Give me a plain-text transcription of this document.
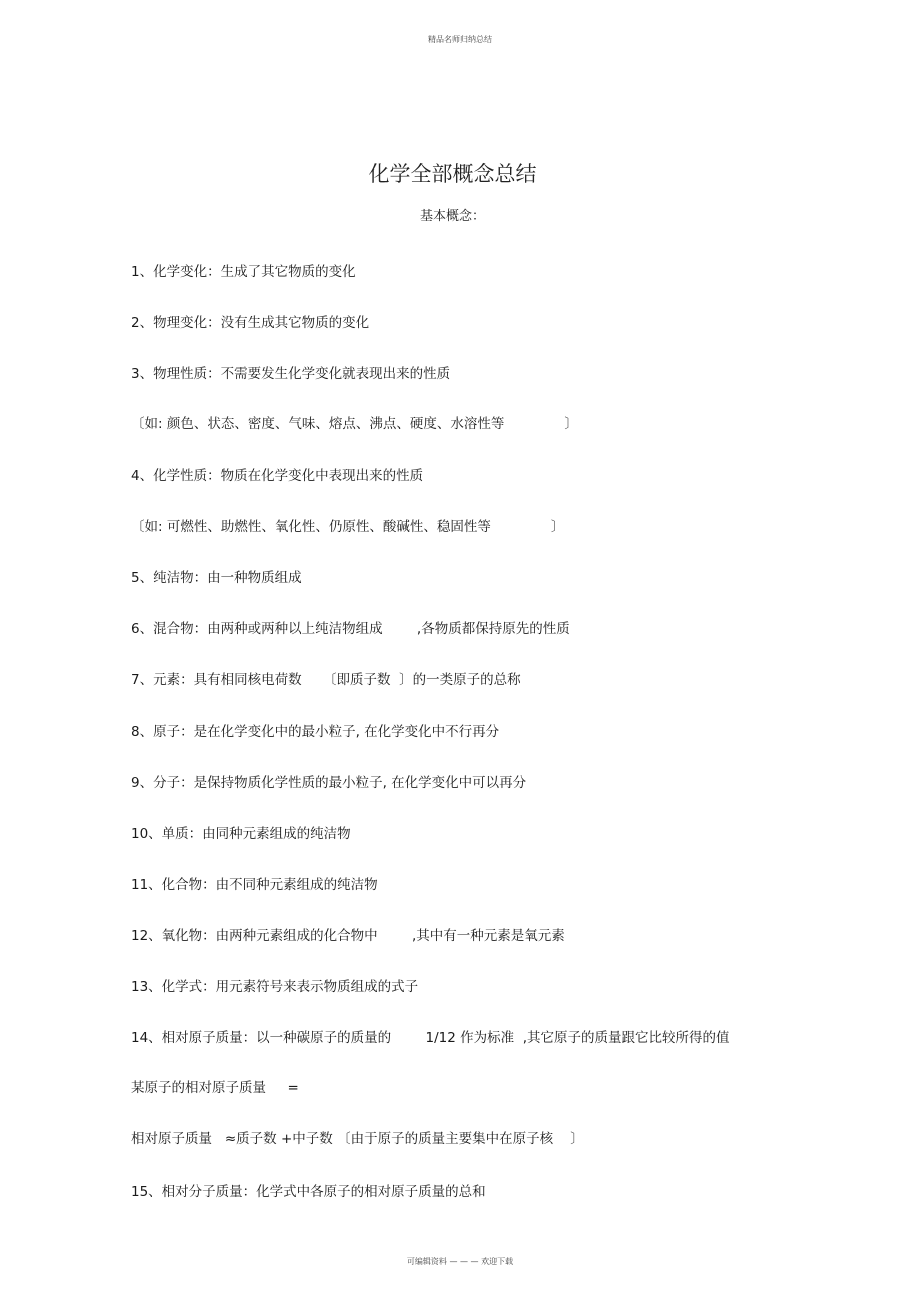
精品名师归纳总结
化学全部概念总结
基本概念：
1、化学变化：生成了其它物质的变化
2、物理变化：没有生成其它物质的变化
3、物理性质：不需要发生化学变化就表现出来的性质
〔如: 颜色、状态、密度、气味、熔点、沸点、硬度、水溶性等              〕
4、化学性质：物质在化学变化中表现出来的性质
〔如: 可燃性、助燃性、氧化性、仍原性、酸碱性、稳固性等              〕
5、纯洁物：由一种物质组成
6、混合物：由两种或两种以上纯洁物组成        ,各物质都保持原先的性质
7、元素：具有相同核电荷数     〔即质子数  〕的一类原子的总称
8、原子：是在化学变化中的最小粒子, 在化学变化中不行再分
9、分子：是保持物质化学性质的最小粒子, 在化学变化中可以再分
10、单质：由同种元素组成的纯洁物
11、化合物：由不同种元素组成的纯洁物
12、氧化物：由两种元素组成的化合物中        ,其中有一种元素是氧元素
13、化学式：用元素符号来表示物质组成的式子
14、相对原子质量：以一种碳原子的质量的        1/12 作为标准  ,其它原子的质量跟它比较所得的值
某原子的相对原子质量     =
相对原子质量   ≈质子数 +中子数 〔由于原子的质量主要集中在原子核    〕
15、相对分子质量：化学式中各原子的相对原子质量的总和
可编辑资料 — — — 欢迎下载
